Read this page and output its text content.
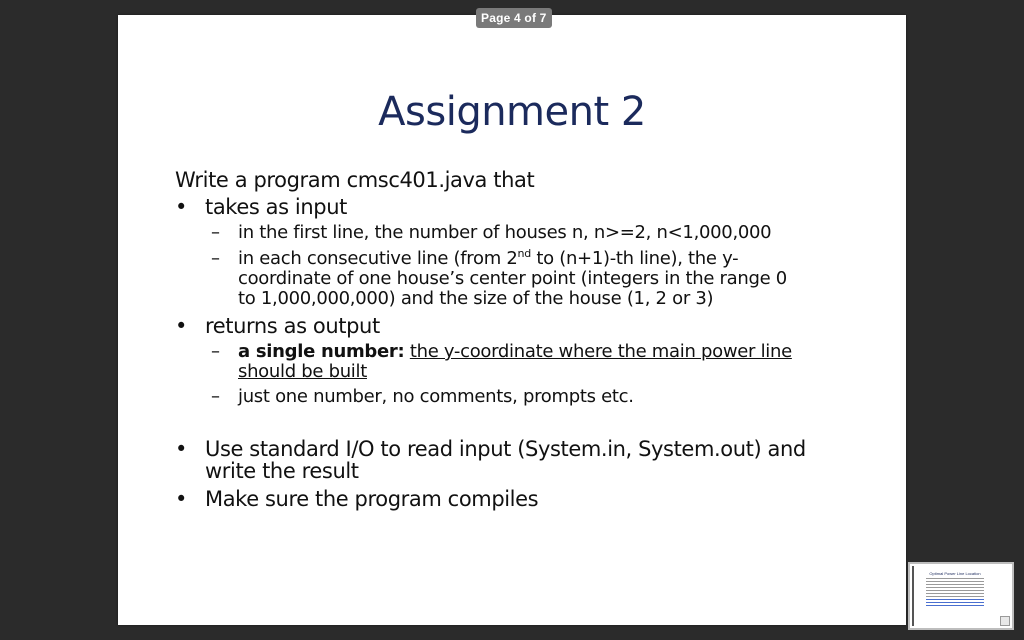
Page 4 of 7
Assignment 2
Write a program cmsc401.java that
• takes as input
– in the first line, the number of houses n, n>=2, n<1,000,000
– in each consecutive line (from 2nd to (n+1)-th line), the y-
coordinate of one house’s center point (integers in the range 0
to 1,000,000,000) and the size of the house (1, 2 or 3)
• returns as output
– a single number: the y-coordinate where the main power line
should be built
– just one number, no comments, prompts etc.
• Use standard I/O to read input (System.in, System.out) and
write the result
• Make sure the program compiles
Optimal Power Line Location
